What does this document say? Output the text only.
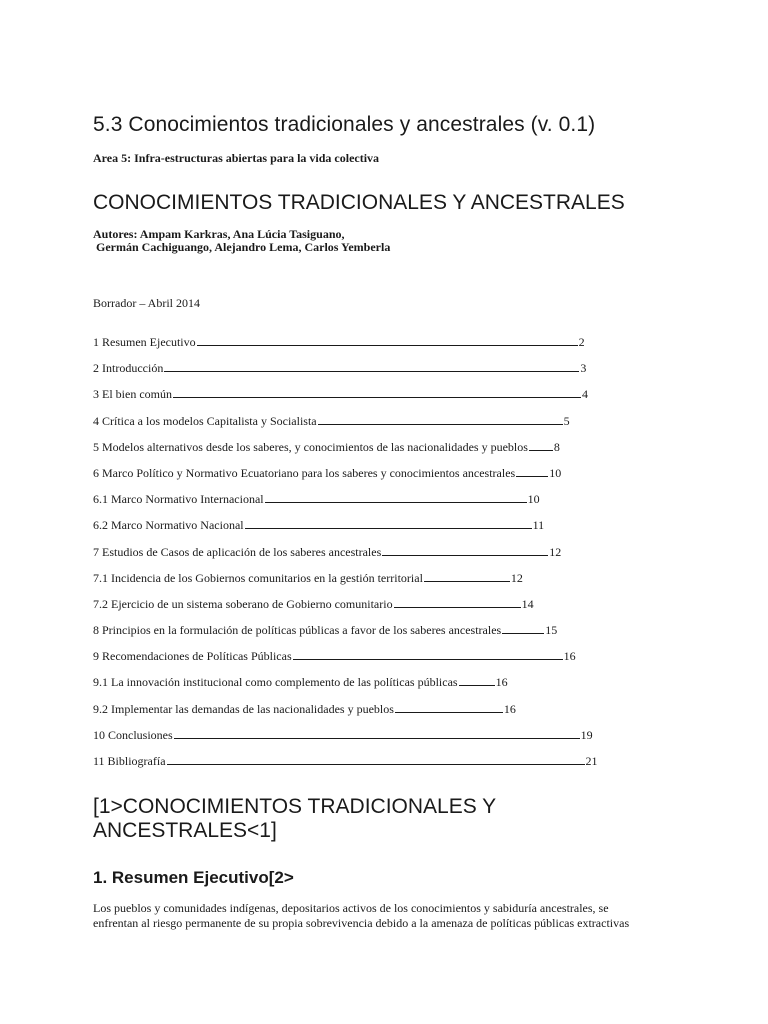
5.3 Conocimientos tradicionales y ancestrales (v. 0.1)

Area 5: Infra-estructuras abiertas para la vida colectiva

CONOCIMIENTOS TRADICIONALES Y ANCESTRALES
Autores: Ampam Karkras, Ana Lúcia Tasiguano,
Germán Cachiguango, Alejandro Lema, Carlos Yemberla

Borrador – Abril 2014

1 Resumen Ejecutivo	2
2 Introducción	3
3 El bien común	4
4 Crítica a los modelos Capitalista y Socialista	5
5 Modelos alternativos desde los saberes, y conocimientos de las nacionalidades y pueblos 8
6 Marco Político y Normativo Ecuatoriano para los saberes y conocimientos ancestrales	10
6.1 Marco Normativo Internacional	10
6.2 Marco Normativo Nacional	11
7 Estudios de Casos de aplicación de los saberes ancestrales	12
7.1 Incidencia de los Gobiernos comunitarios en la gestión territorial	12
7.2 Ejercicio de un sistema soberano de Gobierno comunitario	14
8 Principios en la formulación de políticas públicas a favor de los saberes ancestrales	15
9 Recomendaciones de Políticas Públicas	16
9.1 La innovación institucional como complemento de las políticas públicas	16
9.2 Implementar las demandas de las nacionalidades y pueblos	16
10 Conclusiones	19
11 Bibliografía	21
[1>CONOCIMIENTOS TRADICIONALES Y ANCESTRALES<1]
1. Resumen Ejecutivo[2>

Los pueblos y comunidades indígenas, depositarios activos de los conocimientos y sabiduría ancestrales, se
enfrentan al riesgo permanente de su propia sobrevivencia debido a la amenaza de políticas públicas extractivas
